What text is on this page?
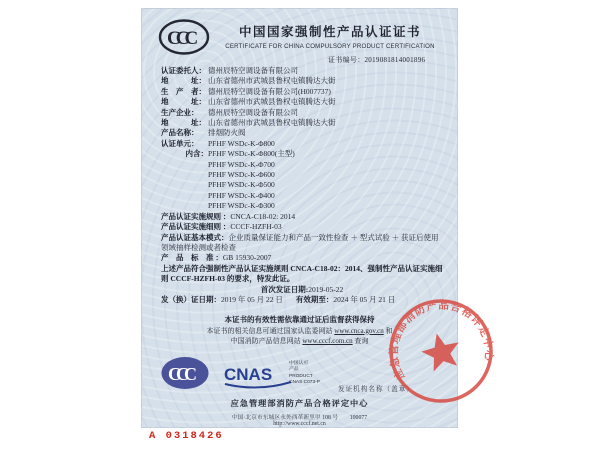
CCC	中国国家强制性产品认证证书
CERTIFICATE FOR CHINA COMPULSORY PRODUCT CERTIFICATION
证书编号：2019081814001896
认证委托人： 德州辰特空调设备有限公司
地　　　址： 山东省德州市武城县鲁权屯镇腾达大街
生　产　者： 德州辰特空调设备有限公司(H007737)
地　　　址： 山东省德州市武城县鲁权屯镇腾达大街
生产企业：	德州辰特空调设备有限公司
地　　　址： 山东省德州市武城县鲁权屯镇腾达大街
产品名称：	排烟防火阀
认证单元：	PFHF WSDc-K-Φ800
内含： PFHF WSDc-K-Φ800(主型)
PFHF WSDc-K-Φ700
PFHF WSDc-K-Φ600
PFHF WSDc-K-Φ500
PFHF WSDc-K-Φ400
PFHF WSDc-K-Φ300
产品认证实施规则 ：CNCA-C18-02: 2014
产品认证实施细则 ：CCCF-HZFH-03
产品认证基本模式：企业质量保证能力和产品一致性检查 ＋ 型式试验 ＋ 获证后使用领域抽样检测或者检查
产　品　标　准 ：GB 15930-2007
上述产品符合强制性产品认证实施规则 CNCA-C18-02：2014、强制性产品认证实施细则 CCCF-HZFH-03 的要求，特发此证。
首次发证日期:2019-05-22
发（换）证日期：2019 年 05 月 22 日 有效期至：2024 年 05 月 21 日
本证书的有效性需依靠通过证后监督获得保持
本证书的相关信息可通过国家认监委网站 www.cnca.gov.cn 和
中国消防产品信息网站 www.cccf.com.cn 查询
CCC CNAS
中国认可
产品
PRODUCT
CNAS C073-P
发证机构名称（盖章）
应急管理部消防产品合格评定中心
应急管理部消防产品合格评定中心
中国·北京市东城区永外西革新里甲 108 号　　 100077
http://www.cccf.net.cn
A 0318426
